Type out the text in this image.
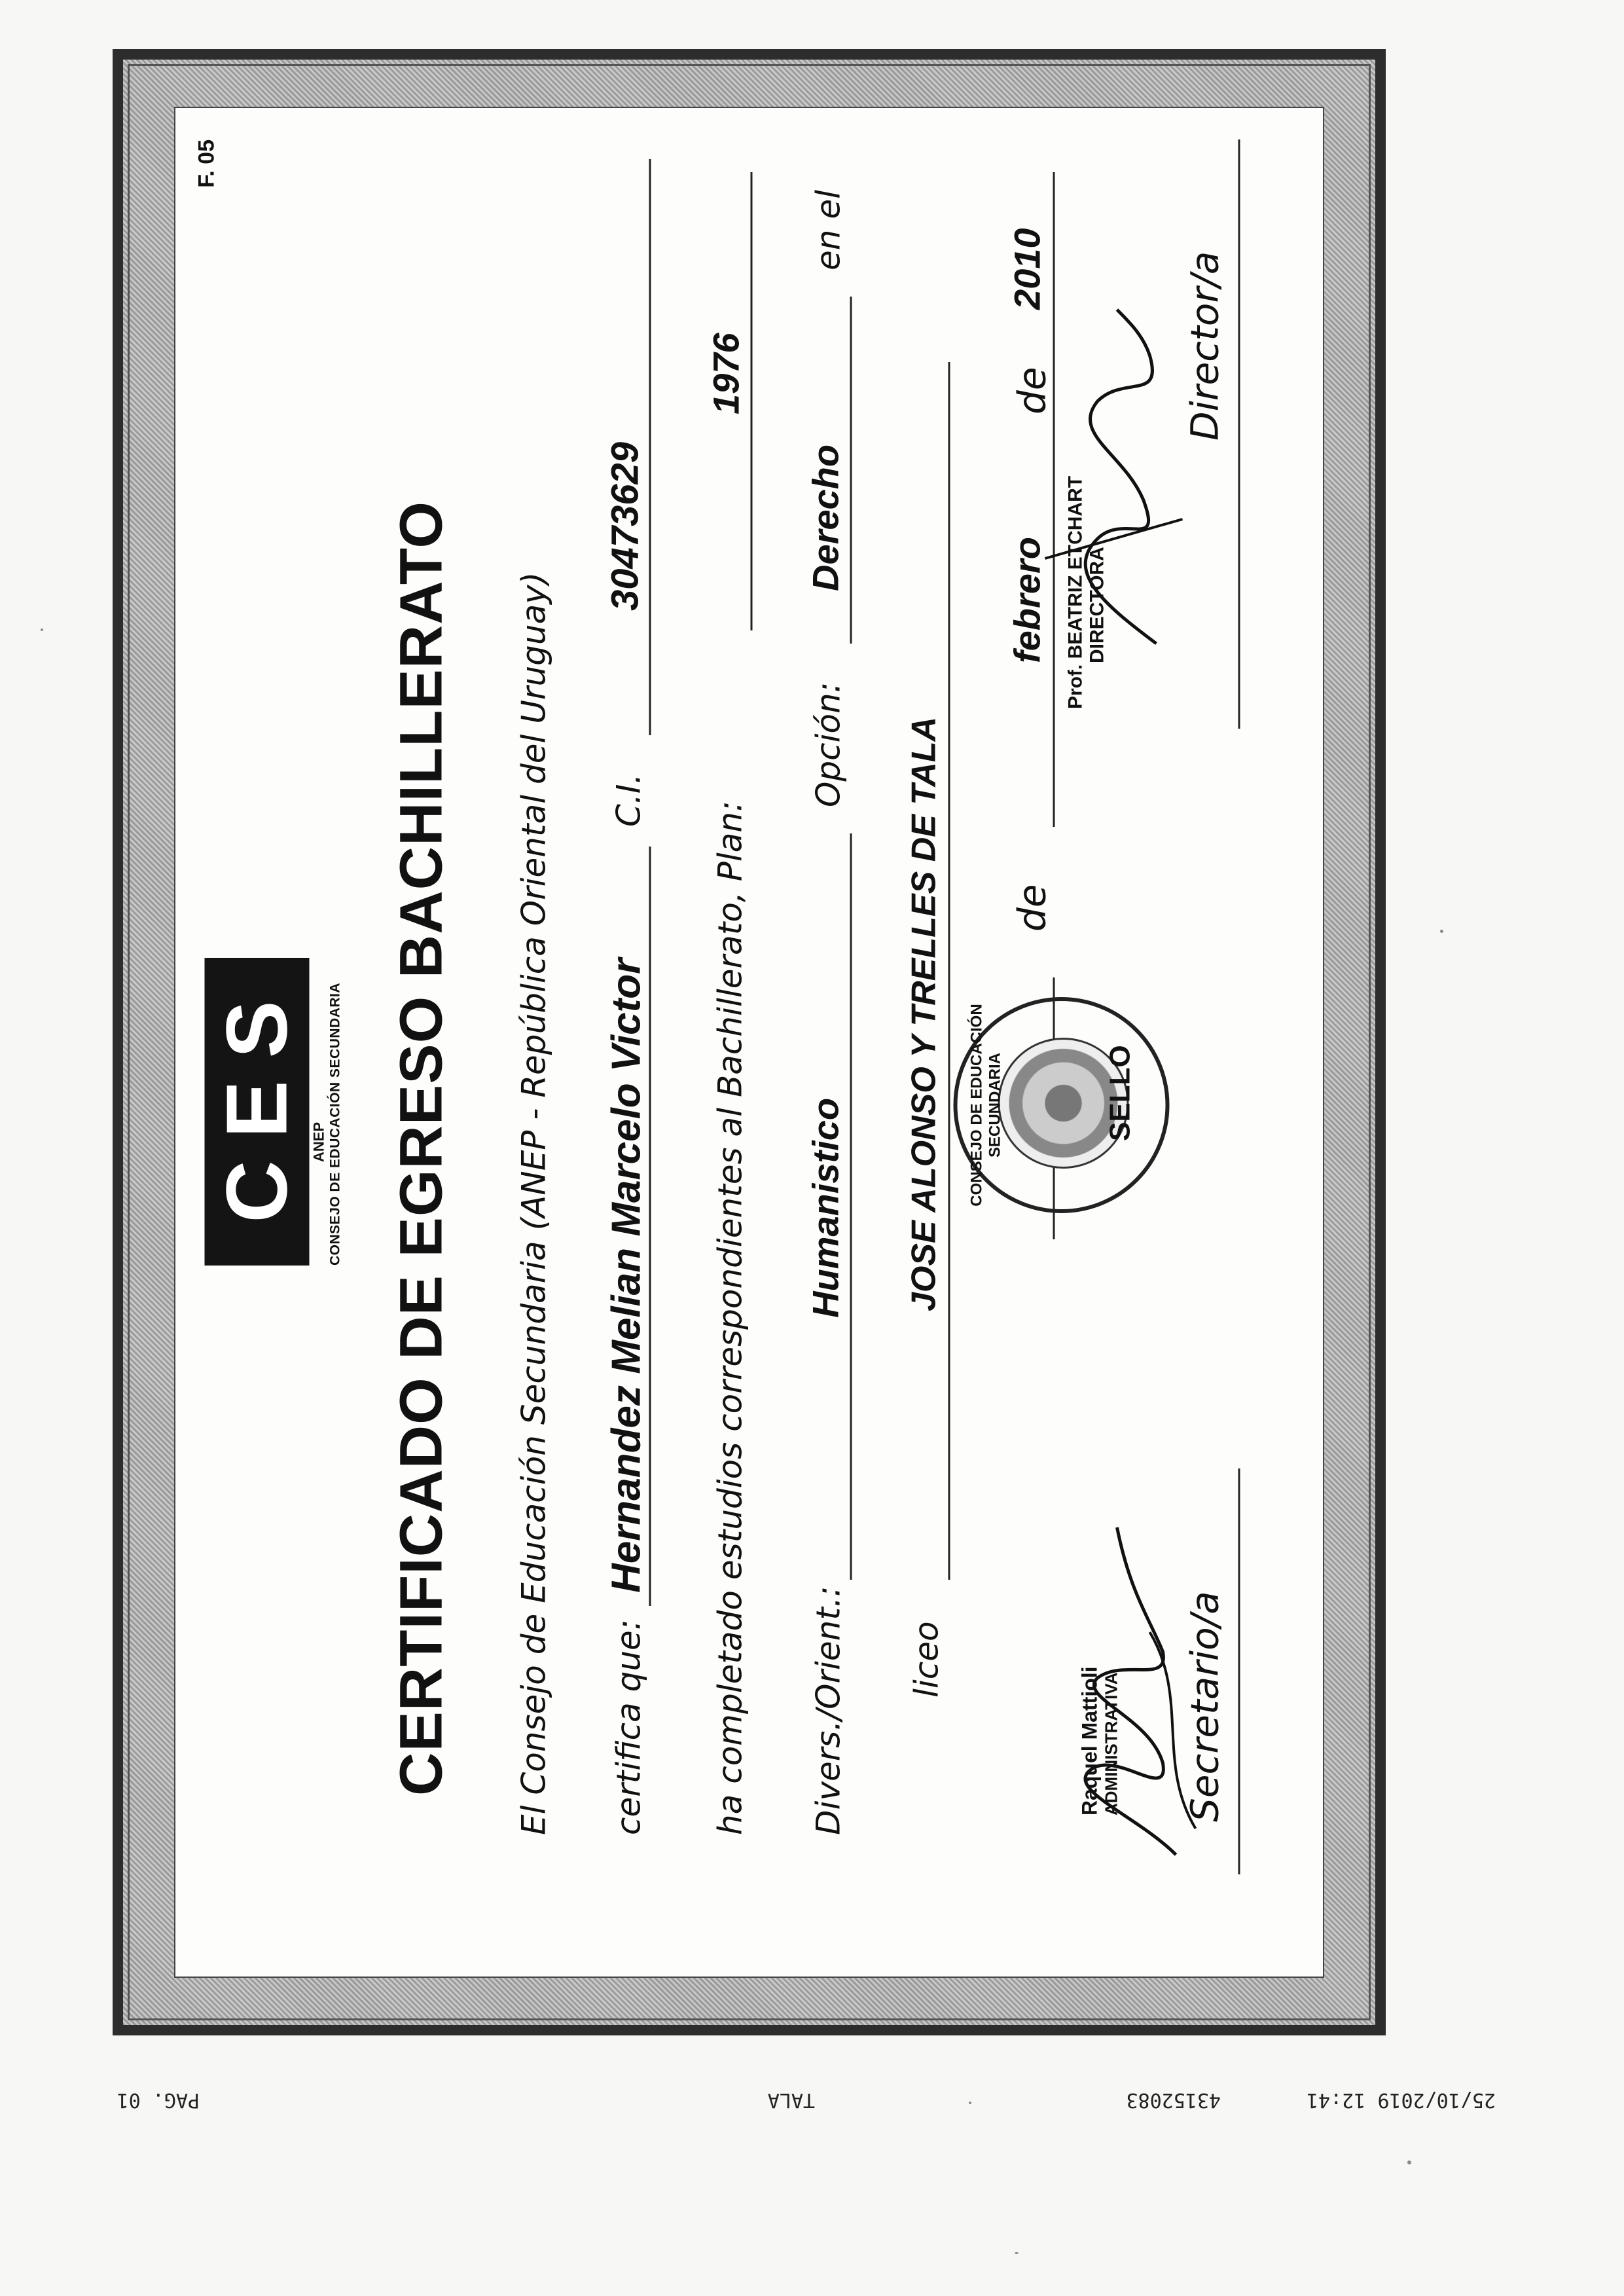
F. 05
CES ANEP CONSEJO DE EDUCACIÓN SECUNDARIA CERTIFICADO DE EGRESO BACHILLERATO El Consejo de Educación Secundaria (ANEP - República Oriental del Uruguay) certifica que:
Hernandez Melian Marcelo Victor
C.I.
30473629
ha completado estudios correspondientes al Bachillerato, Plan:
1976
Divers./Orient.:
Humanistico
Opción:
Derecho
en el
liceo
JOSE ALONSO Y TRELLES DE TALA de
febrero
de
2010
CONSEJO DE EDUCACIÓN SECUNDARIA	SELLO
Raquel Mattioli ADMINISTRATIVA Secretario/a
Prof. BEATRIZ ETCHART DIRECTORA
Director/a
25/10/2019 12:41
43152083
TALA
PAG. 01
